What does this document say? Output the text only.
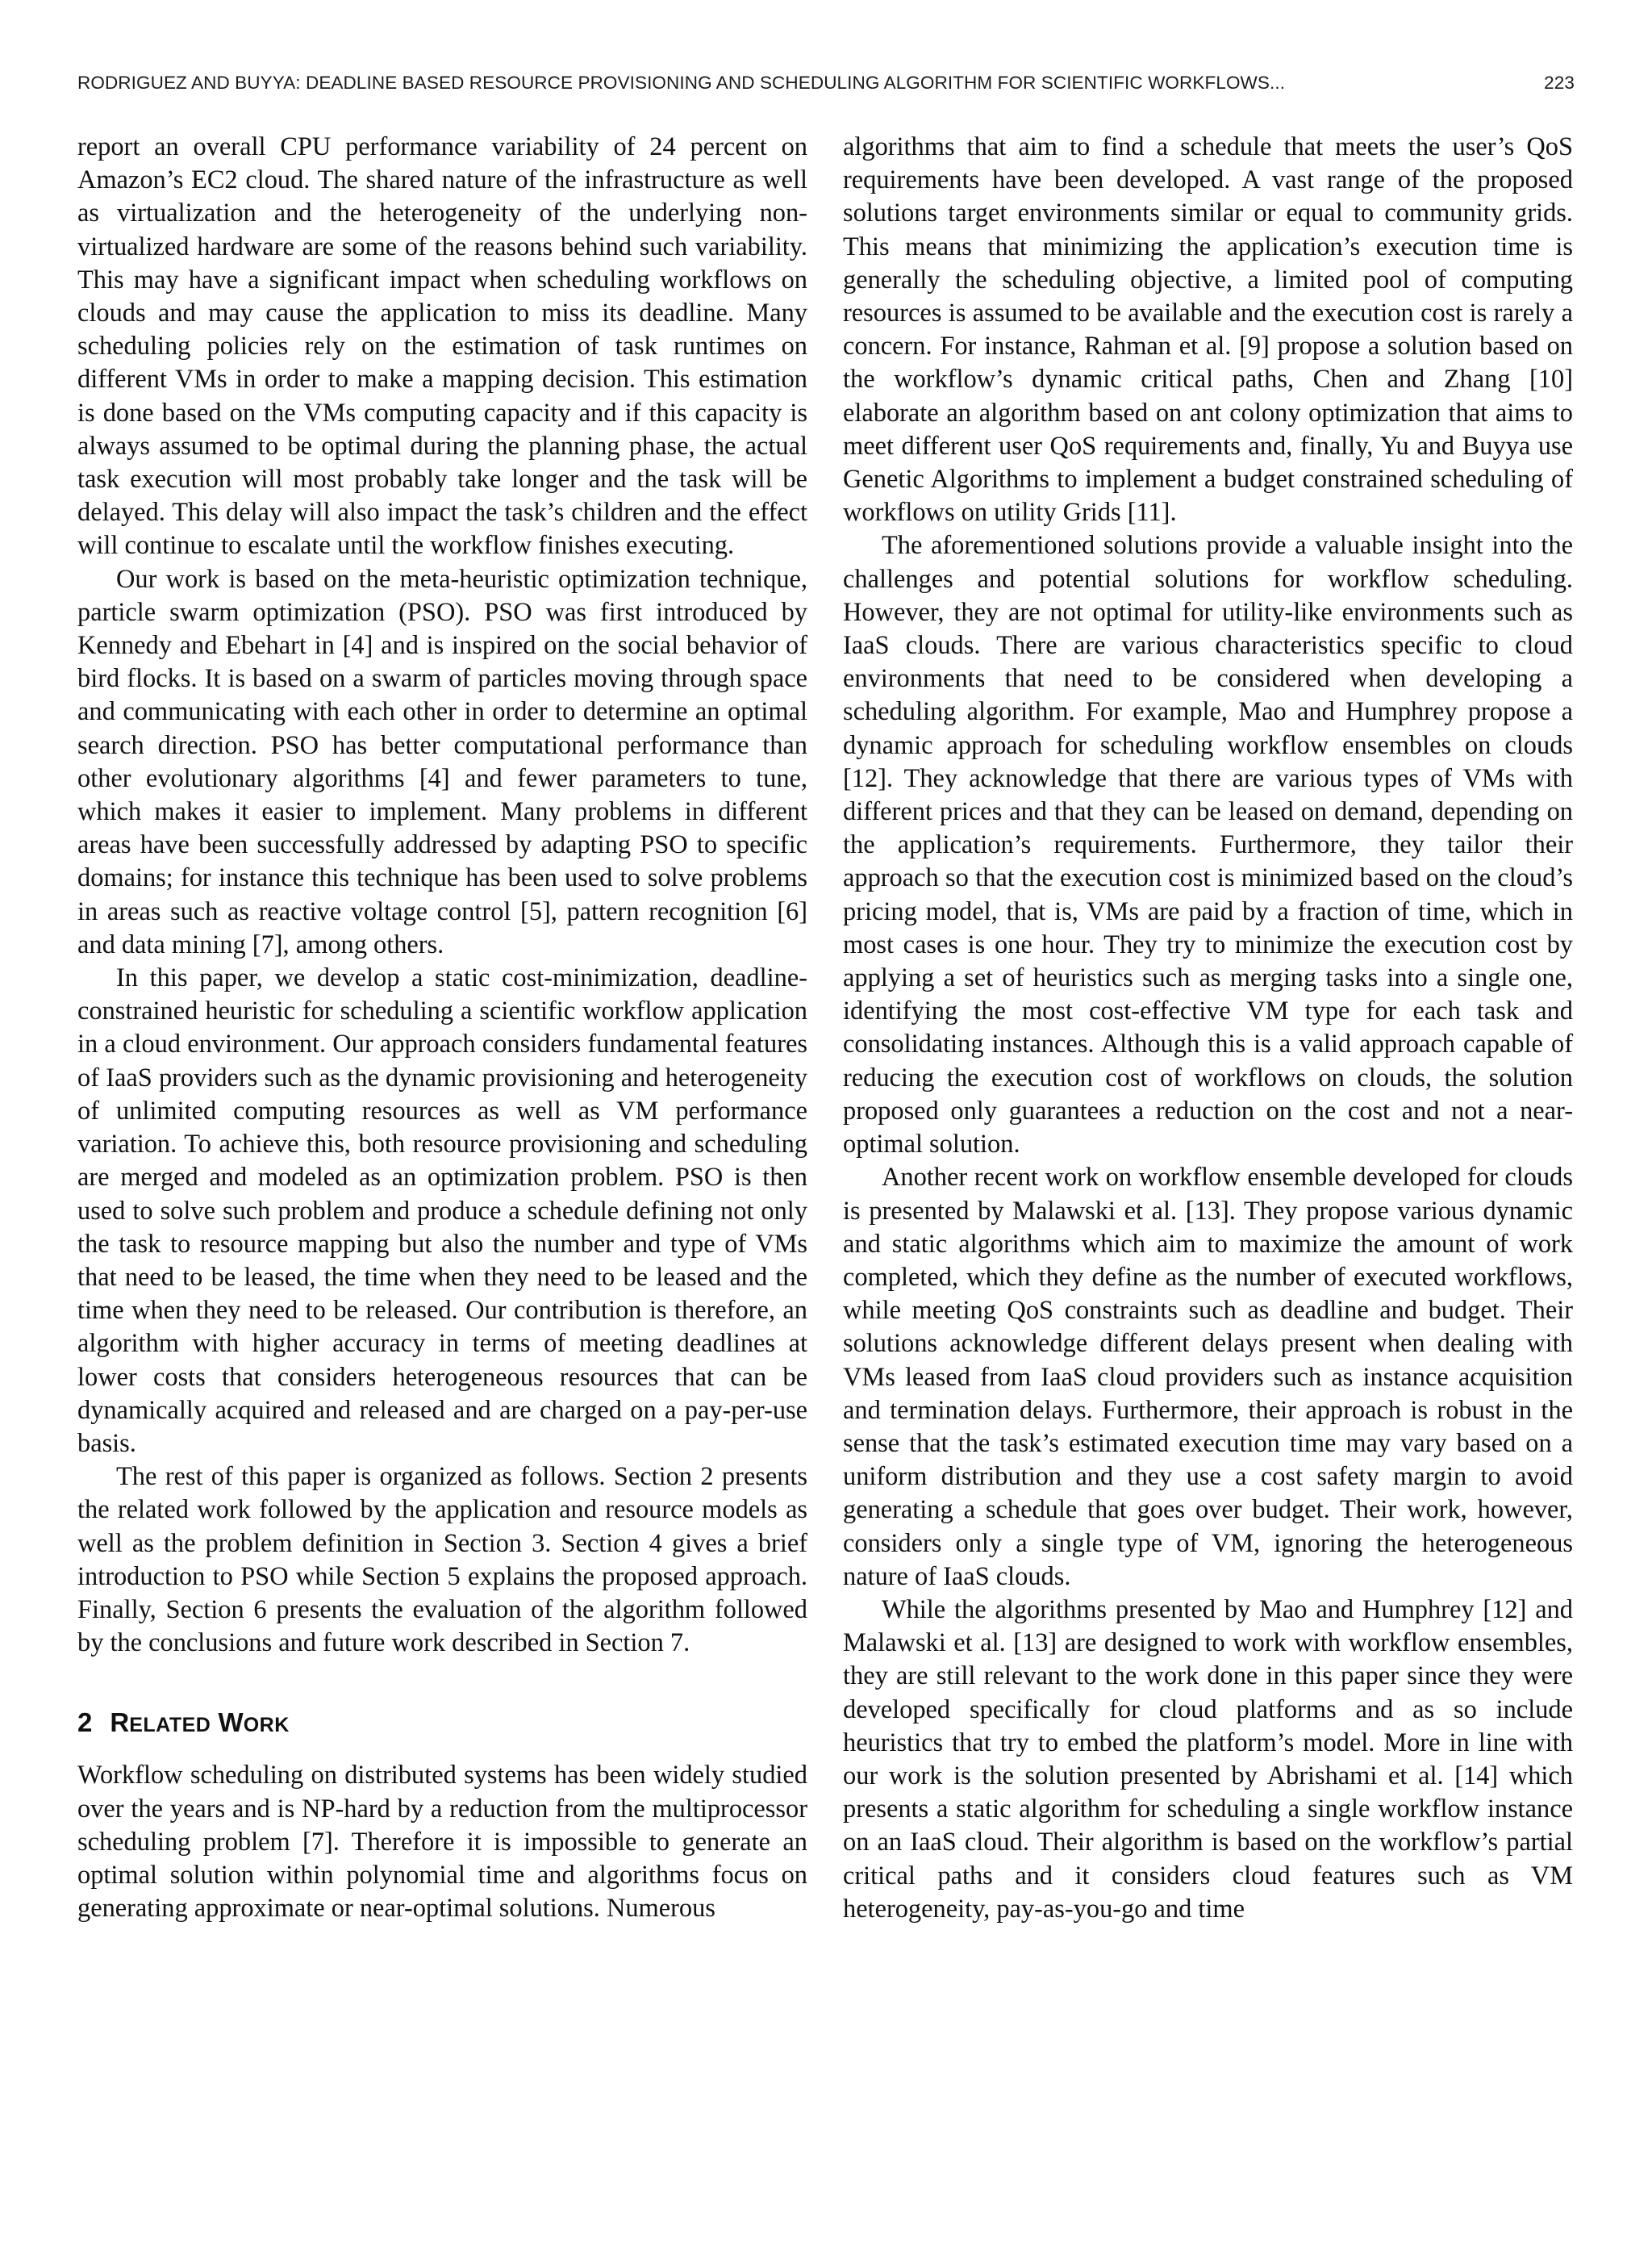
RODRIGUEZ AND BUYYA: DEADLINE BASED RESOURCE PROVISIONING AND SCHEDULING ALGORITHM FOR SCIENTIFIC WORKFLOWS...	223

report an overall CPU performance variability of 24 percent on Amazon’s EC2 cloud. The shared nature of the infrastructure as well as virtualization and the heterogeneity of the underlying non-virtualized hardware are some of the reasons behind such variability. This may have a significant impact when scheduling workflows on clouds and may cause the application to miss its deadline. Many scheduling policies rely on the estimation of task runtimes on different VMs in order to make a mapping decision. This estimation is done based on the VMs computing capacity and if this capacity is always assumed to be optimal during the planning phase, the actual task execution will most probably take longer and the task will be delayed. This delay will also impact the task’s children and the effect will continue to escalate until the workflow finishes executing.

Our work is based on the meta-heuristic optimization technique, particle swarm optimization (PSO). PSO was first introduced by Kennedy and Ebehart in [4] and is inspired on the social behavior of bird flocks. It is based on a swarm of particles moving through space and communicating with each other in order to determine an optimal search direction. PSO has better computational performance than other evolutionary algorithms [4] and fewer parameters to tune, which makes it easier to implement. Many problems in different areas have been successfully addressed by adapting PSO to specific domains; for instance this technique has been used to solve problems in areas such as reactive voltage control [5], pattern recognition [6] and data mining [7], among others.

In this paper, we develop a static cost-minimization, deadline-constrained heuristic for scheduling a scientific workflow application in a cloud environment. Our approach considers fundamental features of IaaS providers such as the dynamic provisioning and heterogeneity of unlimited computing resources as well as VM performance variation. To achieve this, both resource provisioning and scheduling are merged and modeled as an optimization problem. PSO is then used to solve such problem and produce a schedule defining not only the task to resource mapping but also the number and type of VMs that need to be leased, the time when they need to be leased and the time when they need to be released. Our contribution is therefore, an algorithm with higher accuracy in terms of meeting deadlines at lower costs that considers heterogeneous resources that can be dynamically acquired and released and are charged on a pay-per-use basis.

The rest of this paper is organized as follows. Section 2 presents the related work followed by the application and resource models as well as the problem definition in Section 3. Section 4 gives a brief introduction to PSO while Section 5 explains the proposed approach. Finally, Section 6 presents the evaluation of the algorithm followed by the conclusions and future work described in Section 7.

2 RELATED WORK

Workflow scheduling on distributed systems has been widely studied over the years and is NP-hard by a reduction from the multiprocessor scheduling problem [7]. Therefore it is impossible to generate an optimal solution within polynomial time and algorithms focus on generating approximate or near-optimal solutions. Numerous

algorithms that aim to find a schedule that meets the user’s QoS requirements have been developed. A vast range of the proposed solutions target environments similar or equal to community grids. This means that minimizing the application’s execution time is generally the scheduling objective, a limited pool of computing resources is assumed to be available and the execution cost is rarely a concern. For instance, Rahman et al. [9] propose a solution based on the workflow’s dynamic critical paths, Chen and Zhang [10] elaborate an algorithm based on ant colony optimization that aims to meet different user QoS requirements and, finally, Yu and Buyya use Genetic Algorithms to implement a budget constrained scheduling of workflows on utility Grids [11].

The aforementioned solutions provide a valuable insight into the challenges and potential solutions for workflow scheduling. However, they are not optimal for utility-like environments such as IaaS clouds. There are various characteristics specific to cloud environments that need to be considered when developing a scheduling algorithm. For example, Mao and Humphrey propose a dynamic approach for scheduling workflow ensembles on clouds [12]. They acknowledge that there are various types of VMs with different prices and that they can be leased on demand, depending on the application’s requirements. Furthermore, they tailor their approach so that the execution cost is minimized based on the cloud’s pricing model, that is, VMs are paid by a fraction of time, which in most cases is one hour. They try to minimize the execution cost by applying a set of heuristics such as merging tasks into a single one, identifying the most cost-effective VM type for each task and consolidating instances. Although this is a valid approach capable of reducing the execution cost of workflows on clouds, the solution proposed only guarantees a reduction on the cost and not a near-optimal solution.

Another recent work on workflow ensemble developed for clouds is presented by Malawski et al. [13]. They propose various dynamic and static algorithms which aim to maximize the amount of work completed, which they define as the number of executed workflows, while meeting QoS constraints such as deadline and budget. Their solutions acknowledge different delays present when dealing with VMs leased from IaaS cloud providers such as instance acquisition and termination delays. Furthermore, their approach is robust in the sense that the task’s estimated execution time may vary based on a uniform distribution and they use a cost safety margin to avoid generating a schedule that goes over budget. Their work, however, considers only a single type of VM, ignoring the heterogeneous nature of IaaS clouds.

While the algorithms presented by Mao and Humphrey [12] and Malawski et al. [13] are designed to work with workflow ensembles, they are still relevant to the work done in this paper since they were developed specifically for cloud platforms and as so include heuristics that try to embed the platform’s model. More in line with our work is the solution presented by Abrishami et al. [14] which presents a static algorithm for scheduling a single workflow instance on an IaaS cloud. Their algorithm is based on the workflow’s partial critical paths and it considers cloud features such as VM heterogeneity, pay-as-you-go and time
